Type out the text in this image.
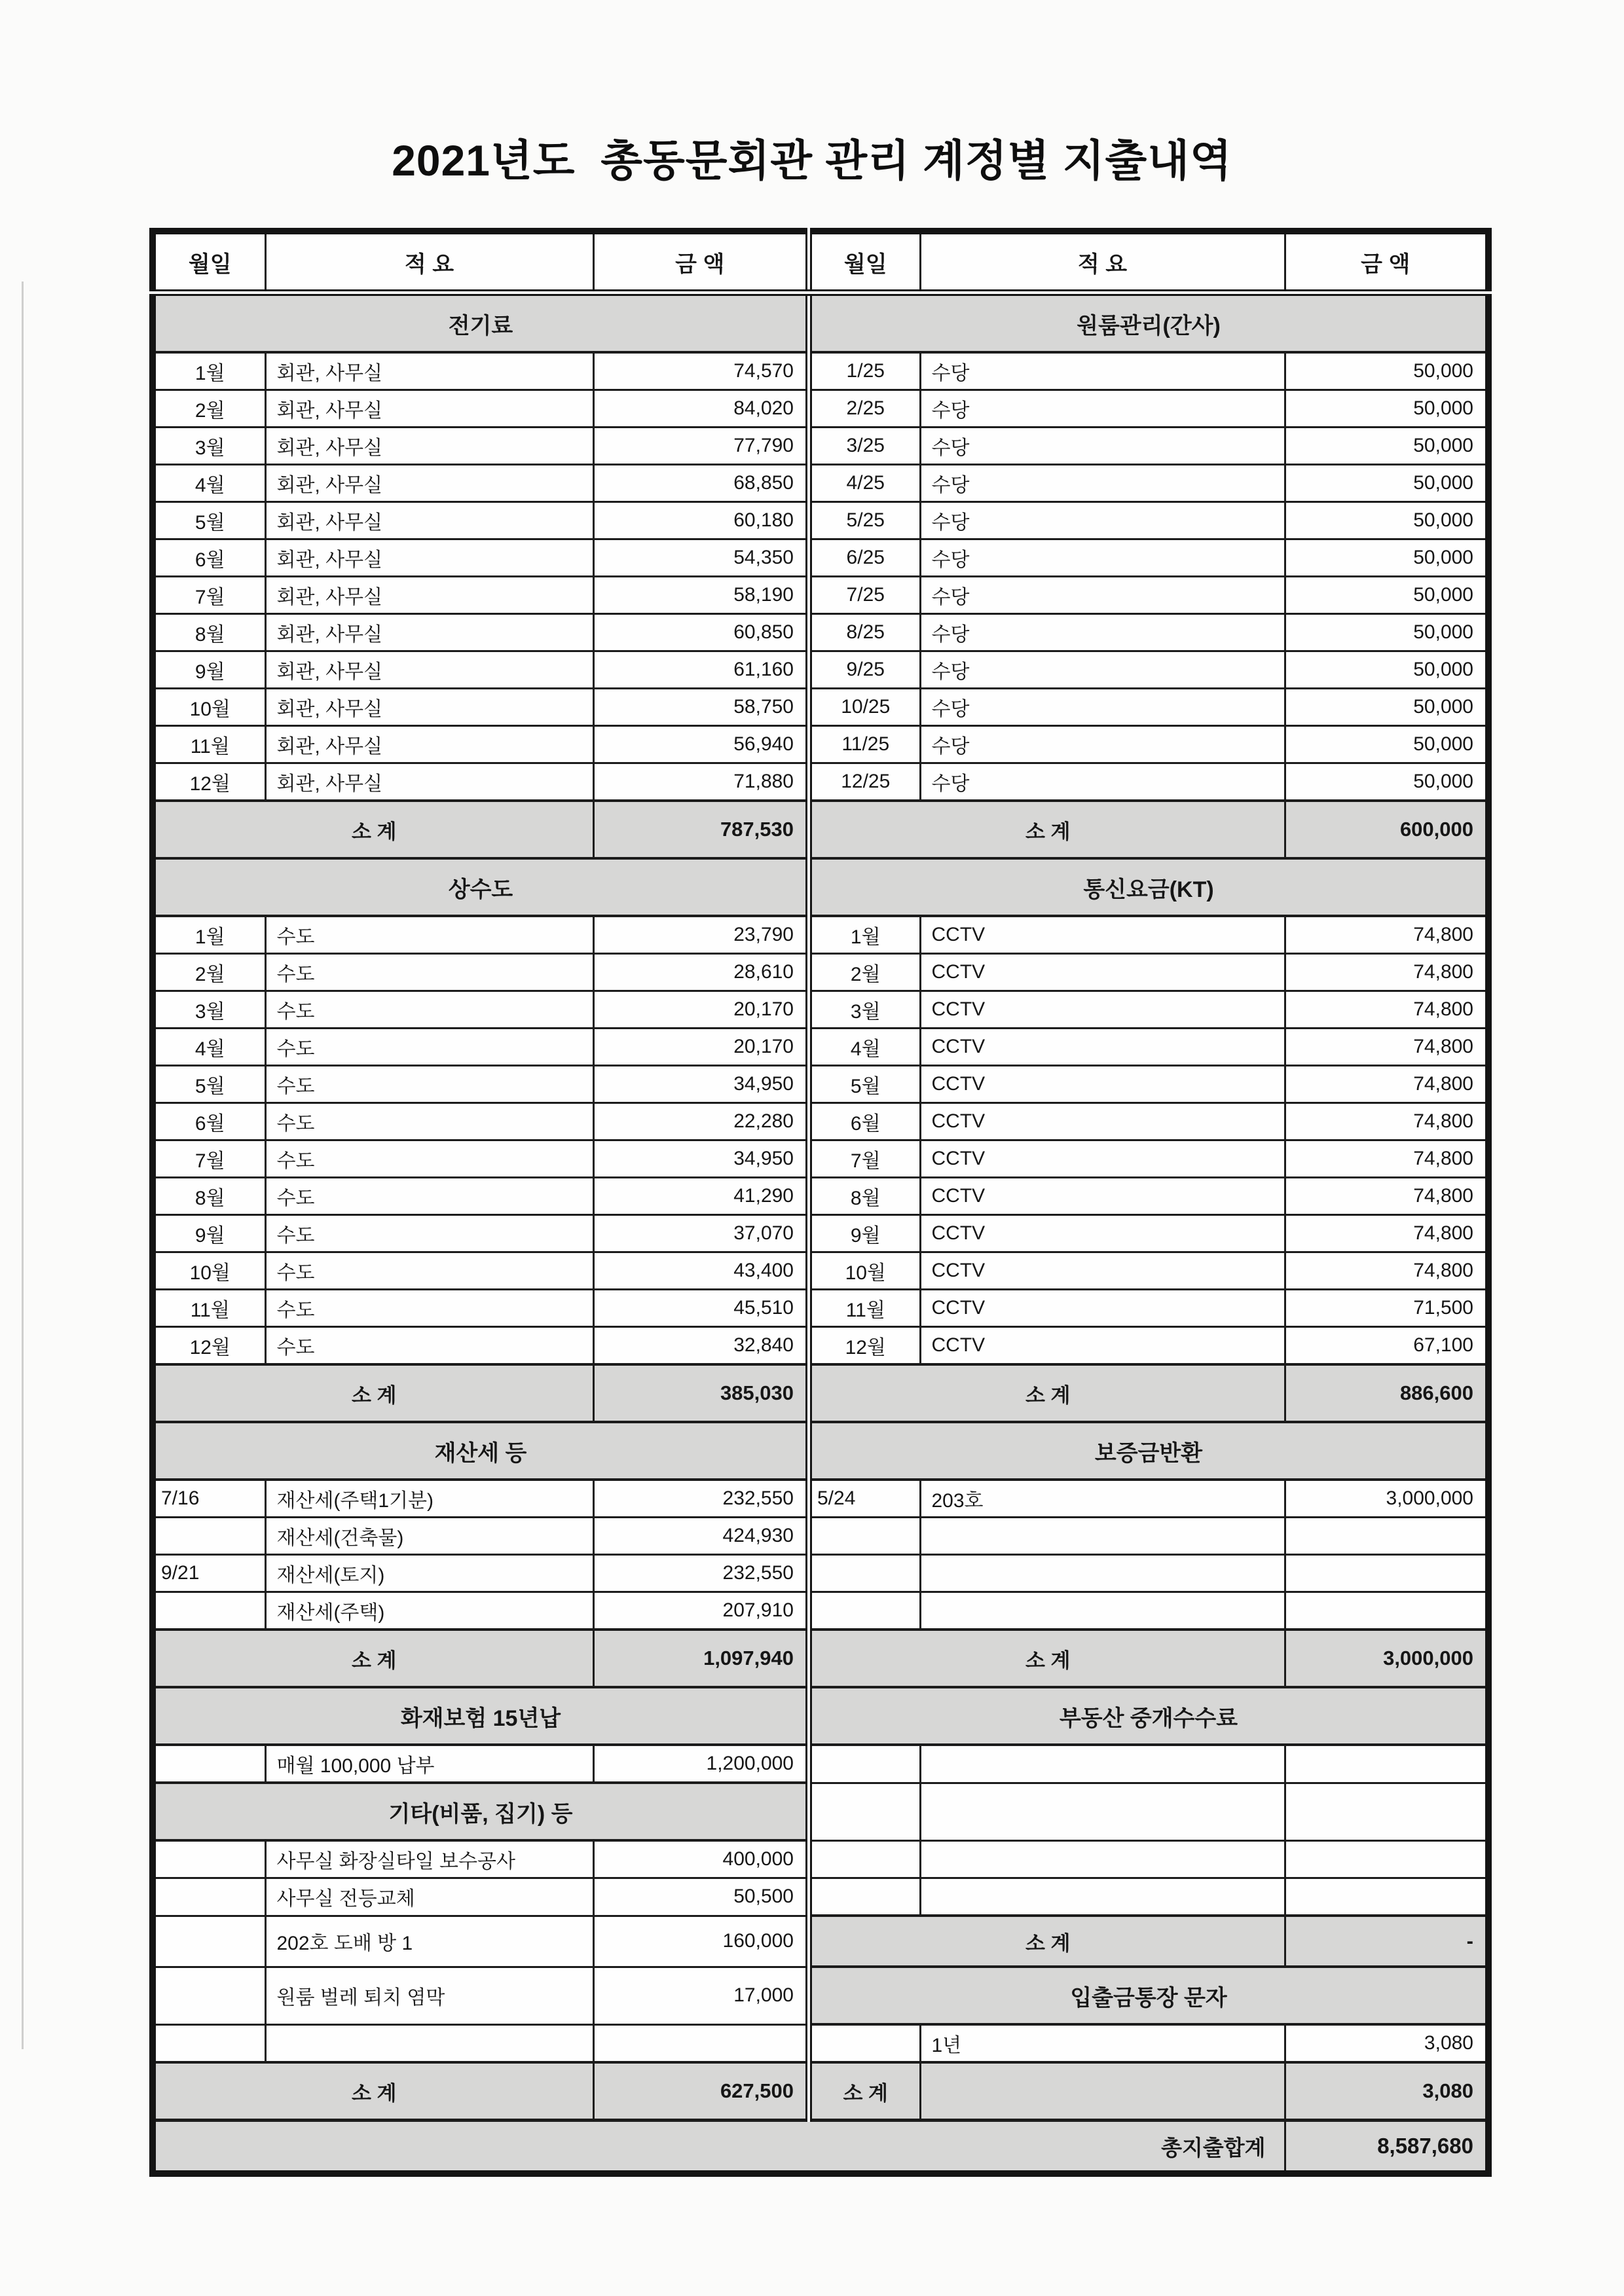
2021년도  총동문회관 관리 계정별 지출내역
월일	적 요	금 액	월일	적 요	금 액
전기료			원룸관리(간사)		
1월	회관, 사무실	74,570	1/25	수당	50,000
2월	회관, 사무실	84,020	2/25	수당	50,000
3월	회관, 사무실	77,790	3/25	수당	50,000
4월	회관, 사무실	68,850	4/25	수당	50,000
5월	회관, 사무실	60,180	5/25	수당	50,000
6월	회관, 사무실	54,350	6/25	수당	50,000
7월	회관, 사무실	58,190	7/25	수당	50,000
8월	회관, 사무실	60,850	8/25	수당	50,000
9월	회관, 사무실	61,160	9/25	수당	50,000
10월	회관, 사무실	58,750	10/25	수당	50,000
11월	회관, 사무실	56,940	11/25	수당	50,000
12월	회관, 사무실	71,880	12/25	수당	50,000
소 계		787,530	소 계		600,000
상수도			통신요금(KT)		
1월	수도	23,790	1월	CCTV	74,800
2월	수도	28,610	2월	CCTV	74,800
3월	수도	20,170	3월	CCTV	74,800
4월	수도	20,170	4월	CCTV	74,800
5월	수도	34,950	5월	CCTV	74,800
6월	수도	22,280	6월	CCTV	74,800
7월	수도	34,950	7월	CCTV	74,800
8월	수도	41,290	8월	CCTV	74,800
9월	수도	37,070	9월	CCTV	74,800
10월	수도	43,400	10월	CCTV	74,800
11월	수도	45,510	11월	CCTV	71,500
12월	수도	32,840	12월	CCTV	67,100
소 계		385,030	소 계		886,600
재산세 등			보증금반환		
7/16	재산세(주택1기분)	232,550	5/24	203호	3,000,000
	재산세(건축물)	424,930			
9/21	재산세(토지)	232,550			
	재산세(주택)	207,910			
소 계		1,097,940	소 계		3,000,000
화재보험 15년납			부동산 중개수수료		
	매월 100,000 납부	1,200,000			
기타(비품, 집기) 등					
	사무실 화장실타일 보수공사	400,000			
	사무실 전등교체	50,500			
	202호 도배 방 1	160,000	소 계		-
	원룸 벌레 퇴치 염막	17,000	입출금통장 문자		
				1년	3,080
소 계		627,500	소 계		3,080
총지출합계					8,587,680
